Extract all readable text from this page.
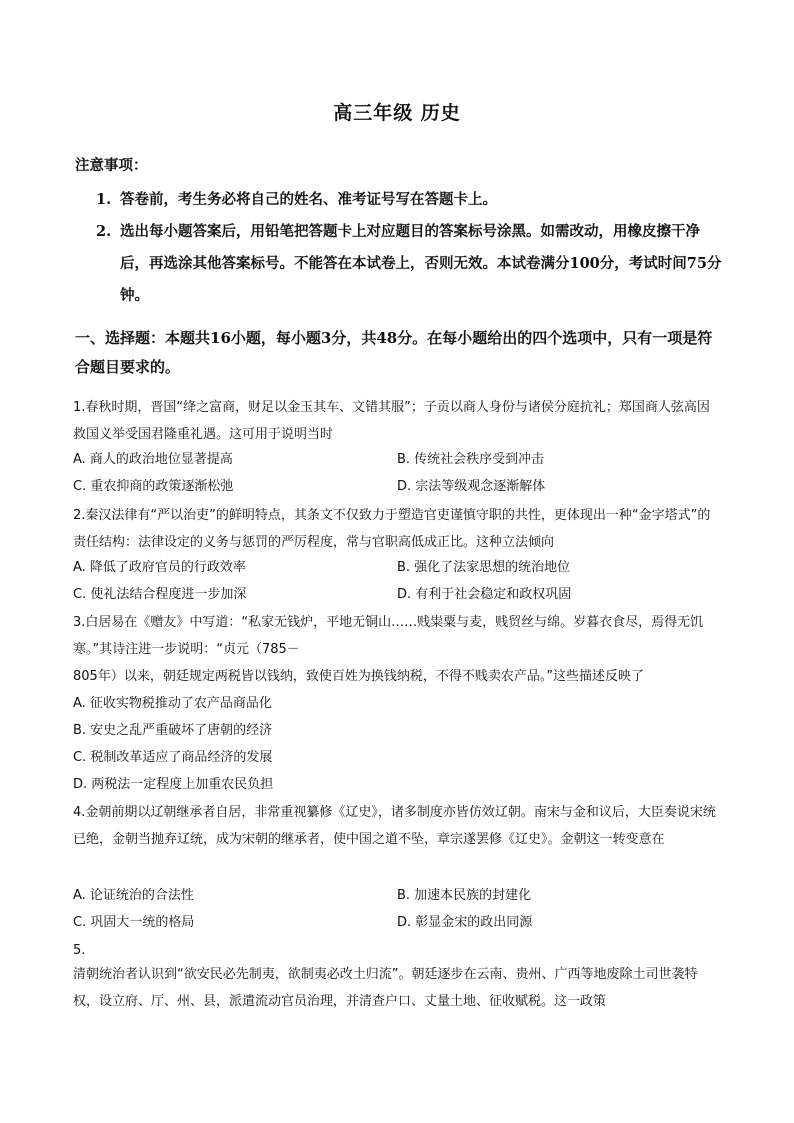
高三年级 历史
注意事项：
1. 答卷前，考生务必将自己的姓名、准考证号写在答题卡上。
2. 选出每小题答案后，用铅笔把答题卡上对应题目的答案标号涂黑。如需改动，用橡皮擦干净后，再选涂其他答案标号。不能答在本试卷上，否则无效。本试卷满分100分，考试时间75分钟。
一、选择题：本题共16小题，每小题3分，共48分。在每小题给出的四个选项中，只有一项是符合题目要求的。
1.春秋时期，晋国“绛之富商，财足以金玉其车、文错其服”；子贡以商人身份与诸侯分庭抗礼；郑国商人弦高因救国义举受国君隆重礼遇。这可用于说明当时
A. 商人的政治地位显著提高	B. 传统社会秩序受到冲击
C. 重农抑商的政策逐渐松弛	D. 宗法等级观念逐渐解体
2.秦汉法律有“严以治吏”的鲜明特点，其条文不仅致力于塑造官吏谨慎守职的共性，更体现出一种“金字塔式”的责任结构：法律设定的义务与惩罚的严厉程度，常与官职高低成正比。这种立法倾向
A. 降低了政府官员的行政效率	B. 强化了法家思想的统治地位
C. 使礼法结合程度进一步加深	D. 有利于社会稳定和政权巩固
3.白居易在《赠友》中写道：“私家无钱炉，平地无铜山……贱粜粟与麦，贱贸丝与绵。岁暮衣食尽，焉得无饥寒。”其诗注进一步说明：“贞元（785－
805年）以来，朝廷规定两税皆以钱纳，致使百姓为换钱纳税，不得不贱卖农产品。”这些描述反映了
A. 征收实物税推动了农产品商品化
B. 安史之乱严重破坏了唐朝的经济
C. 税制改革适应了商品经济的发展
D. 两税法一定程度上加重农民负担
4.金朝前期以辽朝继承者自居，非常重视纂修《辽史》，诸多制度亦皆仿效辽朝。南宋与金和议后，大臣奏说宋统已绝，金朝当抛弃辽统，成为宋朝的继承者，使中国之道不坠，章宗遂罢修《辽史》。金朝这一转变意在
A. 论证统治的合法性	B. 加速本民族的封建化
C. 巩固大一统的格局	D. 彰显金宋的政出同源
5.
清朝统治者认识到“欲安民必先制夷，欲制夷必改土归流”。朝廷逐步在云南、贵州、广西等地废除土司世袭特权，设立府、厅、州、县，派遣流动官员治理，并清查户口、丈量土地、征收赋税。这一政策
